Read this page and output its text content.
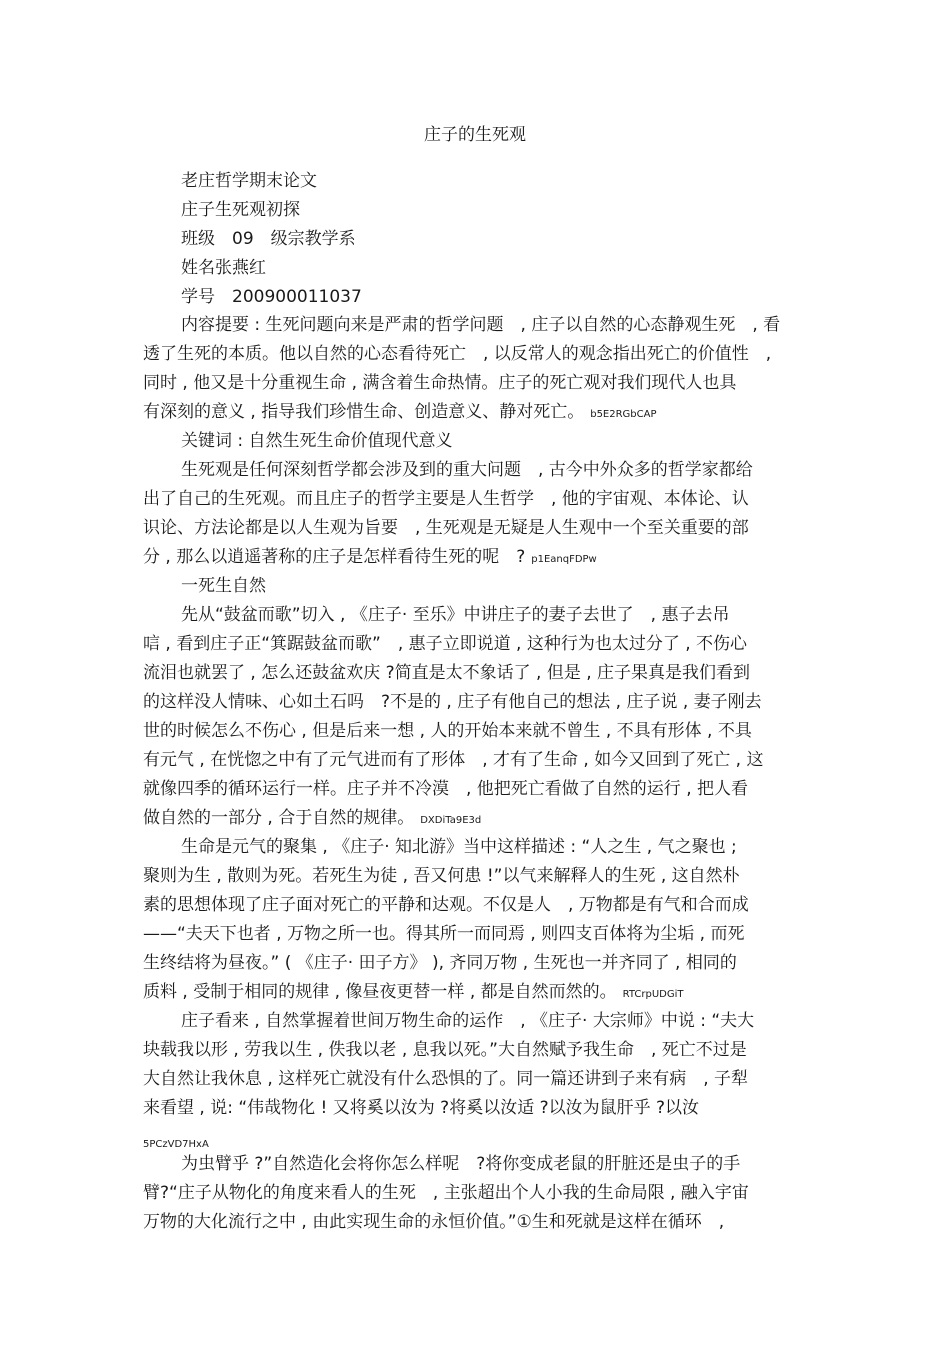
庄子的生死观
老庄哲学期末论文
庄子生死观初探
班级　09　级宗教学系
姓名张燕红
学号　200900011037
内容提要 : 生死问题向来是严肃的哲学问题　, 庄子以自然的心态静观生死　, 看
透了生死的本质。他以自然的心态看待死亡　, 以反常人的观念指出死亡的价值性　,
同时 , 他又是十分重视生命 , 满含着生命热情。庄子的死亡观对我们现代人也具
有深刻的意义 , 指导我们珍惜生命、创造意义、静对死亡。 b5E2RGbCAP
关键词 : 自然生死生命价值现代意义
生死观是任何深刻哲学都会涉及到的重大问题　, 古今中外众多的哲学家都给
出了自己的生死观。而且庄子的哲学主要是人生哲学　, 他的宇宙观、本体论、认
识论、方法论都是以人生观为旨要　, 生死观是无疑是人生观中一个至关重要的部
分 , 那么以逍遥著称的庄子是怎样看待生死的呢　? p1EanqFDPw
一死生自然
先从“鼓盆而歌”切入 , 《庄子· 至乐》中讲庄子的妻子去世了　, 惠子去吊
唁 , 看到庄子正“箕踞鼓盆而歌”　, 惠子立即说道 , 这种行为也太过分了 , 不伤心
流泪也就罢了 , 怎么还鼓盆欢庆 ?简直是太不象话了 , 但是 , 庄子果真是我们看到
的这样没人情味、心如土石吗　?不是的 , 庄子有他自己的想法 , 庄子说 , 妻子刚去
世的时候怎么不伤心 , 但是后来一想 , 人的开始本来就不曾生 , 不具有形体 , 不具
有元气 , 在恍惚之中有了元气进而有了形体　, 才有了生命 , 如今又回到了死亡 , 这
就像四季的循环运行一样。庄子并不冷漠　, 他把死亡看做了自然的运行 , 把人看
做自然的一部分 , 合于自然的规律。 DXDiTa9E3d
生命是元气的聚集 , 《庄子· 知北游》当中这样描述 : “人之生 , 气之聚也 ;
聚则为生 , 散则为死。若死生为徒 , 吾又何患 !”以气来解释人的生死 , 这自然朴
素的思想体现了庄子面对死亡的平静和达观。不仅是人　, 万物都是有气和合而成
——“夫天下也者 , 万物之所一也。得其所一而同焉 , 则四支百体将为尘垢 , 而死
生终结将为昼夜。” ( 《庄子· 田子方》 ), 齐同万物 , 生死也一并齐同了 , 相同的
质料 , 受制于相同的规律 , 像昼夜更替一样 , 都是自然而然的。 RTCrpUDGiT
庄子看来 , 自然掌握着世间万物生命的运作　, 《庄子· 大宗师》中说 : “夫大
块载我以形 , 劳我以生 , 佚我以老 , 息我以死。”大自然赋予我生命　, 死亡不过是
大自然让我休息 , 这样死亡就没有什么恐惧的了。同一篇还讲到子来有病　, 子犁
来看望 , 说: “伟哉物化 ! 又将奚以汝为 ?将奚以汝适 ?以汝为鼠肝乎 ?以汝
5PCzVD7HxA
为虫臂乎 ?”自然造化会将你怎么样呢　?将你变成老鼠的肝脏还是虫子的手
臂?“庄子从物化的角度来看人的生死　, 主张超出个人小我的生命局限 , 融入宇宙
万物的大化流行之中 , 由此实现生命的永恒价值。”①生和死就是这样在循环　,
